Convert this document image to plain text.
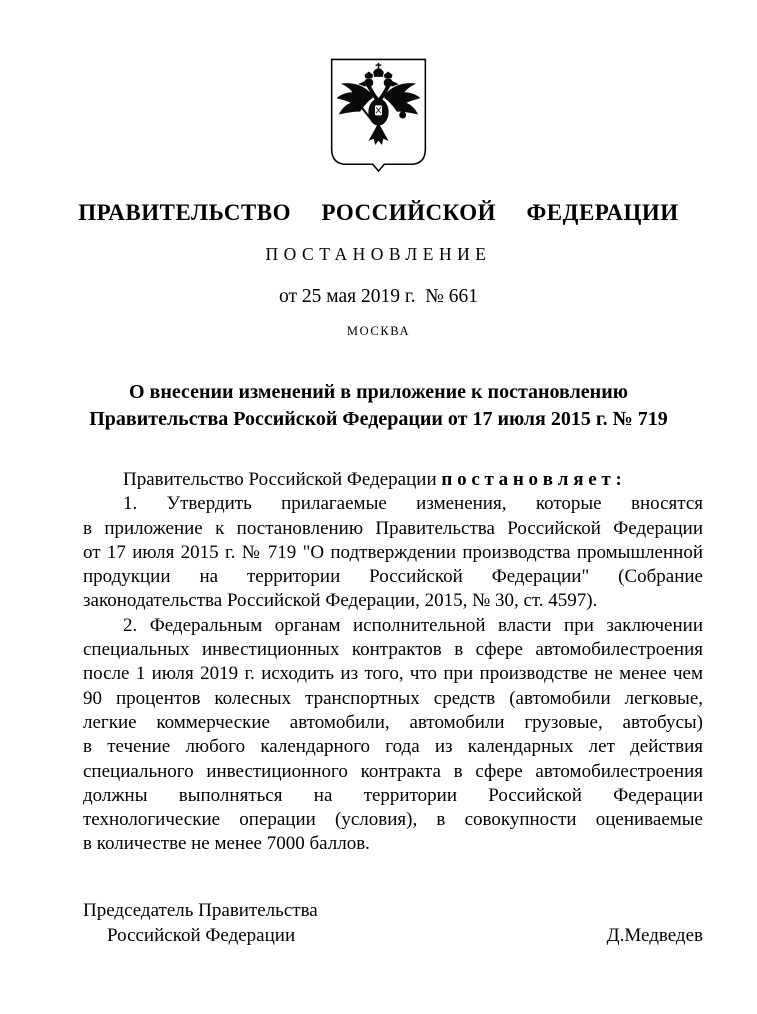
ПРАВИТЕЛЬСТВО  РОССИЙСКОЙ  ФЕДЕРАЦИИ
ПОСТАНОВЛЕНИЕ
от 25 мая 2019 г.  № 661
МОСКВА
О внесении изменений в приложение к постановлению
Правительства Российской Федерации от 17 июля 2015 г. № 719
Правительство Российской Федерации п о с т а н о в л я е т :
1. Утвердить прилагаемые изменения, которые вносятся
в приложение к постановлению Правительства Российской Федерации
от 17 июля 2015 г. № 719 "О подтверждении производства промышленной
продукции на территории Российской Федерации" (Собрание
законодательства Российской Федерации, 2015, № 30, ст. 4597).
2. Федеральным органам исполнительной власти при заключении
специальных инвестиционных контрактов в сфере автомобилестроения
после 1 июля 2019 г. исходить из того, что при производстве не менее чем
90 процентов колесных транспортных средств (автомобили легковые,
легкие коммерческие автомобили, автомобили грузовые, автобусы)
в течение любого календарного года из календарных лет действия
специального инвестиционного контракта в сфере автомобилестроения
должны выполняться на территории Российской Федерации
технологические операции (условия), в совокупности оцениваемые
в количестве не менее 7000 баллов.
Председатель Правительства
Российской Федерации	Д.Медведев
